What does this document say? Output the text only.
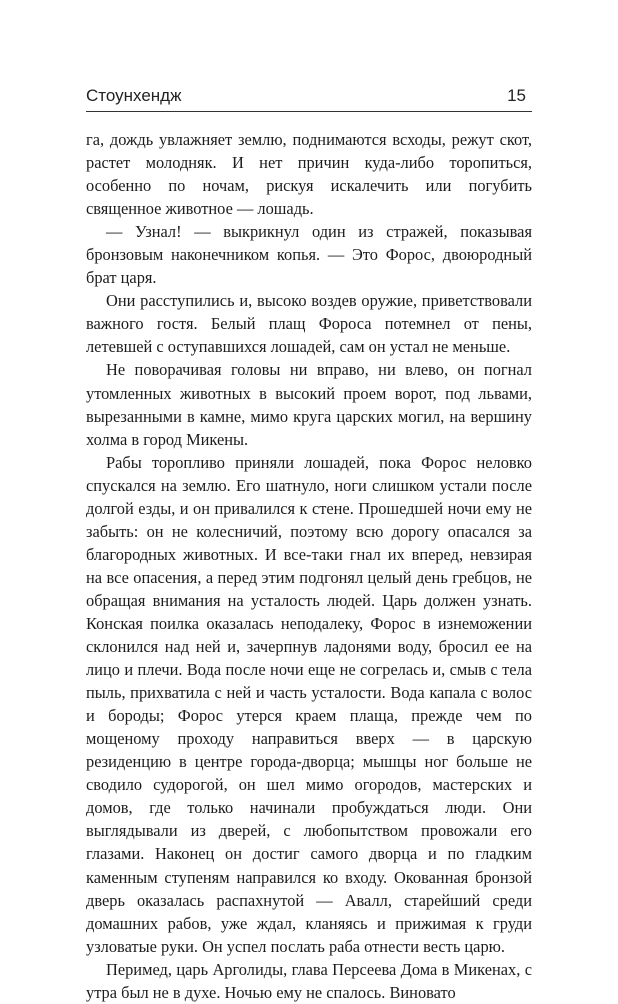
Стоунхендж	15

га, дождь увлажняет землю, поднимаются всходы, режут скот, растет молодняк. И нет причин куда-либо торопиться, особенно по ночам, рискуя искалечить или погубить священное животное — лошадь.

— Узнал! — выкрикнул один из стражей, показывая бронзовым наконечником копья. — Это Форос, двоюродный брат царя.

Они расступились и, высоко воздев оружие, приветствовали важного гостя. Белый плащ Фороса потемнел от пены, летевшей с оступавшихся лошадей, сам он устал не меньше.

Не поворачивая головы ни вправо, ни влево, он погнал утомленных животных в высокий проем ворот, под львами, вырезанными в камне, мимо круга царских могил, на вершину холма в город Микены.

Рабы торопливо приняли лошадей, пока Форос неловко спускался на землю. Его шатнуло, ноги слишком устали после долгой езды, и он привалился к стене. Прошедшей ночи ему не забыть: он не колесничий, поэтому всю дорогу опасался за благородных животных. И все-таки гнал их вперед, невзирая на все опасения, а перед этим подгонял целый день гребцов, не обращая внимания на усталость людей. Царь должен узнать. Конская поилка оказалась неподалеку, Форос в изнеможении склонился над ней и, зачерпнув ладонями воду, бросил ее на лицо и плечи. Вода после ночи еще не согрелась и, смыв с тела пыль, прихватила с ней и часть усталости. Вода капала с волос и бороды; Форос утерся краем плаща, прежде чем по мощеному проходу направиться вверх — в царскую резиденцию в центре города-дворца; мышцы ног больше не сводило судорогой, он шел мимо огородов, мастерских и домов, где только начинали пробуждаться люди. Они выглядывали из дверей, с любопытством провожали его глазами. Наконец он достиг самого дворца и по гладким каменным ступеням направился ко входу. Окованная бронзой дверь оказалась распахнутой — Авалл, старейший среди домашних рабов, уже ждал, кланяясь и прижимая к груди узловатые руки. Он успел послать раба отнести весть царю.

Перимед, царь Арголиды, глава Персеева Дома в Микенах, с утра был не в духе. Ночью ему не спалось. Виновато
